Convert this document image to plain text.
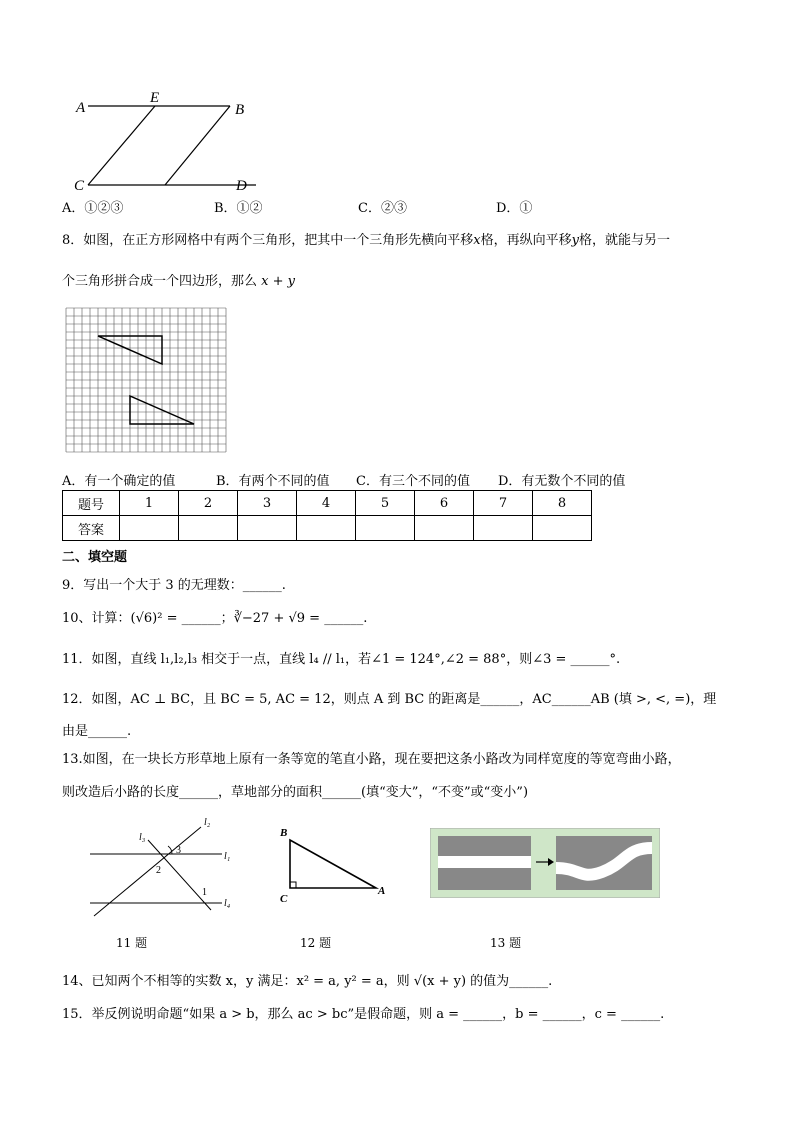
A
E
B
C	D
A．①②③	B．①②	C．②③	D．①
8．如图，在正方形网格中有两个三角形，把其中一个三角形先横向平移x格，再纵向平移y格，就能与另一
个三角形拼合成一个四边形，那么 x + y
A．有一个确定的值	B．有两个不同的值 C．有三个不同的值 D．有无数个不同的值
题号	1	2	3	4	5	6	7	8
答案								
二、填空题
9．写出一个大于 3 的无理数：______.
10、计算：(√6)² = ______；∛−27 + √9 = ______.
11．如图，直线 l₁,l₂,l₃ 相交于一点，直线 l₄ // l₁，若∠1 = 124°,∠2 = 88°，则∠3 = ______°.
12．如图，AC ⊥ BC，且 BC = 5, AC = 12，则点 A 到 BC 的距离是______，AC______AB (填 >, <, =)，理
由是______.
13.如图，在一块长方形草地上原有一条等宽的笔直小路，现在要把这条小路改为同样宽度的等宽弯曲小路，
则改造后小路的长度______，草地部分的面积______(填“变大”，“不变”或“变小”)
l₁
l₂
l₃
l₄
1
2
3
11 题
B
C
A
12 题	13 题
14、已知两个不相等的实数 x，y 满足：x² = a, y² = a，则 √(x + y) 的值为______.
15．举反例说明命题“如果 a > b，那么 ac > bc”是假命题，则 a = ______，b = ______，c = ______.
